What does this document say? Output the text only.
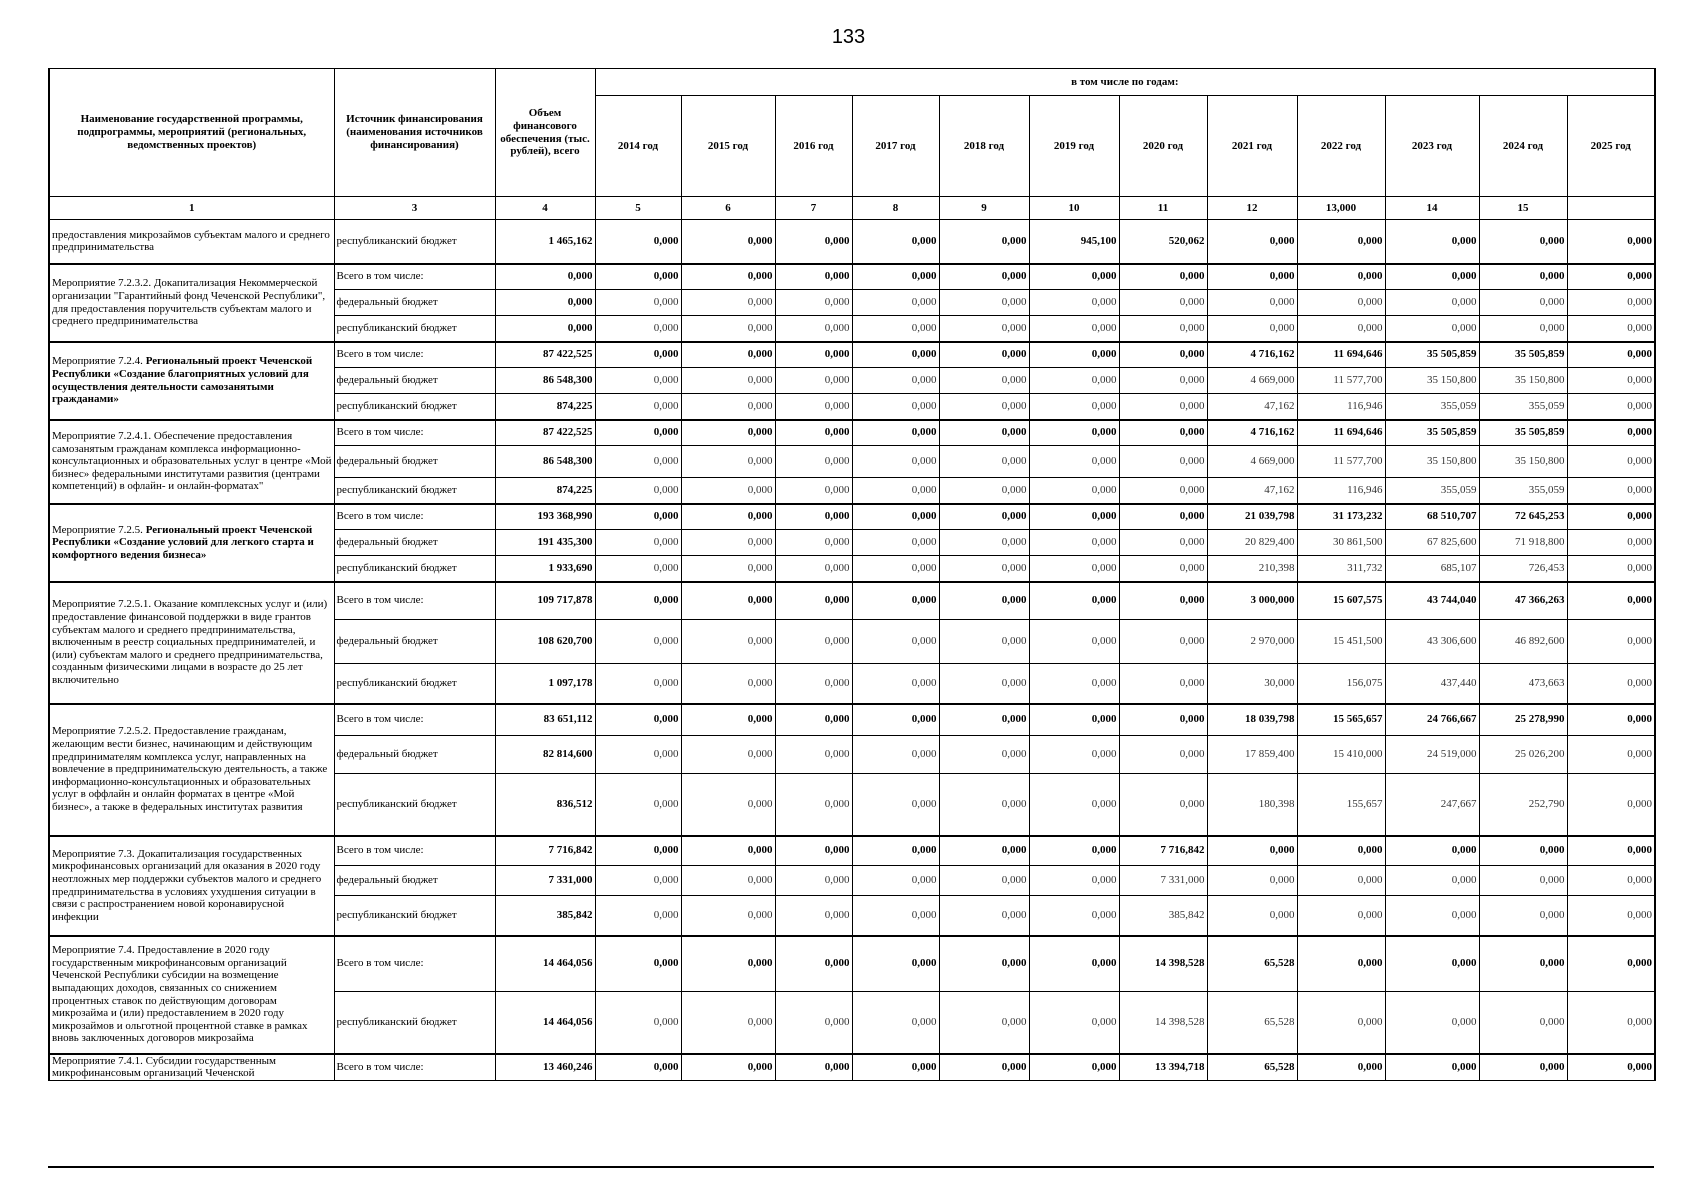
133
Наименование государственной программы, подпрограммы, мероприятий (региональных, ведомственных проектов)	Источник финансирования (наименования источников финансирования)	Объем финансового обеспечения (тыс. рублей), всего	в том числе по годам:											
			2014 год	2015 год	2016 год	2017 год	2018 год	2019 год	2020 год	2021 год	2022 год	2023 год	2024 год	2025 год
1	3	4	5	6	7	8	9	10	11	12	13,000	14	15	
предоставления микрозаймов субъектам малого и среднего предпринимательства	республиканский бюджет	1 465,162	0,000	0,000	0,000	0,000	0,000	945,100	520,062	0,000	0,000	0,000	0,000	0,000
Мероприятие 7.2.3.2. Докапитализация Некоммерческой организации "Гарантийный фонд Чеченской Республики", для предоставления поручительств субъектам малого и среднего предпринимательства	Всего в том числе:	0,000	0,000	0,000	0,000	0,000	0,000	0,000	0,000	0,000	0,000	0,000	0,000	0,000
	федеральный бюджет	0,000	0,000	0,000	0,000	0,000	0,000	0,000	0,000	0,000	0,000	0,000	0,000	0,000
	республиканский бюджет	0,000	0,000	0,000	0,000	0,000	0,000	0,000	0,000	0,000	0,000	0,000	0,000	0,000
Мероприятие 7.2.4. Региональный проект Чеченской Республики «Создание благоприятных условий для осуществления деятельности самозанятыми гражданами»	Всего в том числе:	87 422,525	0,000	0,000	0,000	0,000	0,000	0,000	0,000	4 716,162	11 694,646	35 505,859	35 505,859	0,000
	федеральный бюджет	86 548,300	0,000	0,000	0,000	0,000	0,000	0,000	0,000	4 669,000	11 577,700	35 150,800	35 150,800	0,000
	республиканский бюджет	874,225	0,000	0,000	0,000	0,000	0,000	0,000	0,000	47,162	116,946	355,059	355,059	0,000
Мероприятие 7.2.4.1. Обеспечение предоставления самозанятым гражданам комплекса информационно-консультационных и образовательных услуг в центре «Мой бизнес» федеральными институтами развития (центрами компетенций) в офлайн- и онлайн-форматах"	Всего в том числе:	87 422,525	0,000	0,000	0,000	0,000	0,000	0,000	0,000	4 716,162	11 694,646	35 505,859	35 505,859	0,000
	федеральный бюджет	86 548,300	0,000	0,000	0,000	0,000	0,000	0,000	0,000	4 669,000	11 577,700	35 150,800	35 150,800	0,000
	республиканский бюджет	874,225	0,000	0,000	0,000	0,000	0,000	0,000	0,000	47,162	116,946	355,059	355,059	0,000
Мероприятие 7.2.5. Региональный проект Чеченской Республики «Создание условий для легкого старта и комфортного ведения бизнеса»	Всего в том числе:	193 368,990	0,000	0,000	0,000	0,000	0,000	0,000	0,000	21 039,798	31 173,232	68 510,707	72 645,253	0,000
	федеральный бюджет	191 435,300	0,000	0,000	0,000	0,000	0,000	0,000	0,000	20 829,400	30 861,500	67 825,600	71 918,800	0,000
	республиканский бюджет	1 933,690	0,000	0,000	0,000	0,000	0,000	0,000	0,000	210,398	311,732	685,107	726,453	0,000
Мероприятие 7.2.5.1. Оказание комплексных услуг и (или) предоставление финансовой поддержки в виде грантов субъектам малого и среднего предпринимательства, включенным в реестр социальных предпринимателей, и (или) субъектам малого и среднего предпринимательства, созданным физическими лицами в возрасте до 25 лет включительно	Всего в том числе:	109 717,878	0,000	0,000	0,000	0,000	0,000	0,000	0,000	3 000,000	15 607,575	43 744,040	47 366,263	0,000
	федеральный бюджет	108 620,700	0,000	0,000	0,000	0,000	0,000	0,000	0,000	2 970,000	15 451,500	43 306,600	46 892,600	0,000
	республиканский бюджет	1 097,178	0,000	0,000	0,000	0,000	0,000	0,000	0,000	30,000	156,075	437,440	473,663	0,000
Мероприятие 7.2.5.2. Предоставление гражданам, желающим вести бизнес, начинающим и действующим предпринимателям комплекса услуг, направленных на вовлечение в предпринимательскую деятельность, а также информационно-консультационных и образовательных услуг в оффлайн и онлайн форматах в центре «Мой бизнес», а также в федеральных институтах развития	Всего в том числе:	83 651,112	0,000	0,000	0,000	0,000	0,000	0,000	0,000	18 039,798	15 565,657	24 766,667	25 278,990	0,000
	федеральный бюджет	82 814,600	0,000	0,000	0,000	0,000	0,000	0,000	0,000	17 859,400	15 410,000	24 519,000	25 026,200	0,000
	республиканский бюджет	836,512	0,000	0,000	0,000	0,000	0,000	0,000	0,000	180,398	155,657	247,667	252,790	0,000
Мероприятие 7.3. Докапитализация государственных микрофинансовых организаций для оказания в 2020 году неотложных мер поддержки субъектов малого и среднего предпринимательства в условиях ухудшения ситуации в связи с распространением новой коронавирусной инфекции	Всего в том числе:	7 716,842	0,000	0,000	0,000	0,000	0,000	0,000	7 716,842	0,000	0,000	0,000	0,000	0,000
	федеральный бюджет	7 331,000	0,000	0,000	0,000	0,000	0,000	0,000	7 331,000	0,000	0,000	0,000	0,000	0,000
	республиканский бюджет	385,842	0,000	0,000	0,000	0,000	0,000	0,000	385,842	0,000	0,000	0,000	0,000	0,000
Мероприятие 7.4. Предоставление в 2020 году государственным микрофинансовым организаций Чеченской Республики субсидии на возмещение выпадающих доходов, связанных со снижением процентных ставок по действующим договорам микрозайма и (или) предоставлением в 2020 году микрозаймов и ольготной процентной ставке в рамках вновь заключенных договоров микрозайма	Всего в том числе:	14 464,056	0,000	0,000	0,000	0,000	0,000	0,000	14 398,528	65,528	0,000	0,000	0,000	0,000
	республиканский бюджет	14 464,056	0,000	0,000	0,000	0,000	0,000	0,000	14 398,528	65,528	0,000	0,000	0,000	0,000
Мероприятие 7.4.1. Субсидии государственным микрофинансовым организаций Чеченской	Всего в том числе:	13 460,246	0,000	0,000	0,000	0,000	0,000	0,000	13 394,718	65,528	0,000	0,000	0,000	0,000
